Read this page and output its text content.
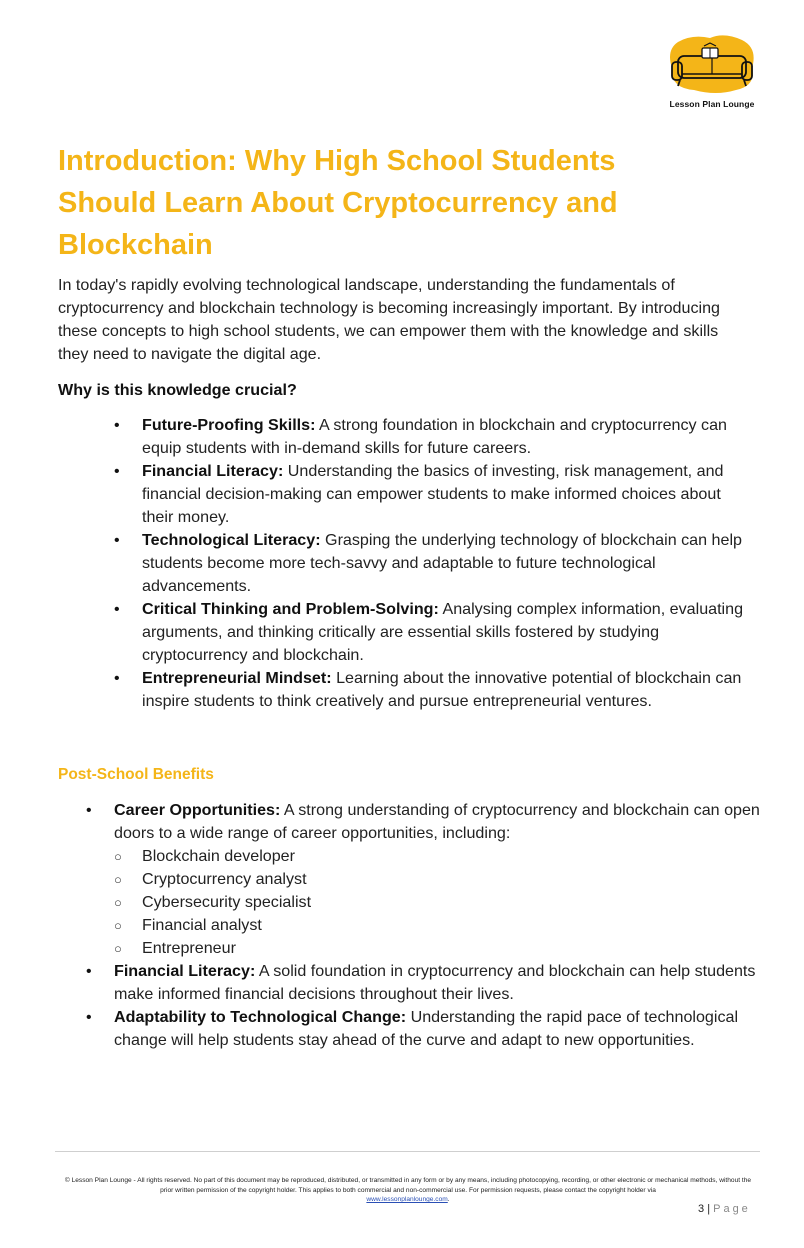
Lesson Plan Lounge
Introduction: Why High School Students Should Learn About Cryptocurrency and Blockchain

In today's rapidly evolving technological landscape, understanding the fundamentals of cryptocurrency and blockchain technology is becoming increasingly important. By introducing these concepts to high school students, we can empower them with the knowledge and skills they need to navigate the digital age.

Why is this knowledge crucial?

• Future-Proofing Skills: A strong foundation in blockchain and cryptocurrency can equip students with in-demand skills for future careers.
• Financial Literacy: Understanding the basics of investing, risk management, and financial decision-making can empower students to make informed choices about their money.
• Technological Literacy: Grasping the underlying technology of blockchain can help students become more tech-savvy and adaptable to future technological advancements.
• Critical Thinking and Problem-Solving: Analysing complex information, evaluating arguments, and thinking critically are essential skills fostered by studying cryptocurrency and blockchain.
• Entrepreneurial Mindset: Learning about the innovative potential of blockchain can inspire students to think creatively and pursue entrepreneurial ventures.
Post-School Benefits
• Career Opportunities: A strong understanding of cryptocurrency and blockchain can open doors to a wide range of career opportunities, including:
○ Blockchain developer
○ Cryptocurrency analyst
○ Cybersecurity specialist
○ Financial analyst
○ Entrepreneur
• Financial Literacy: A solid foundation in cryptocurrency and blockchain can help students make informed financial decisions throughout their lives.
• Adaptability to Technological Change: Understanding the rapid pace of technological change will help students stay ahead of the curve and adapt to new opportunities.
© Lesson Plan Lounge - All rights reserved. No part of this document may be reproduced, distributed, or transmitted in any form or by any means, including photocopying, recording, or other electronic or mechanical methods, without the prior written permission of the copyright holder. This applies to both commercial and non-commercial use. For permission requests, please contact the copyright holder via
www.lessonplanlounge.com.
3 | Page
